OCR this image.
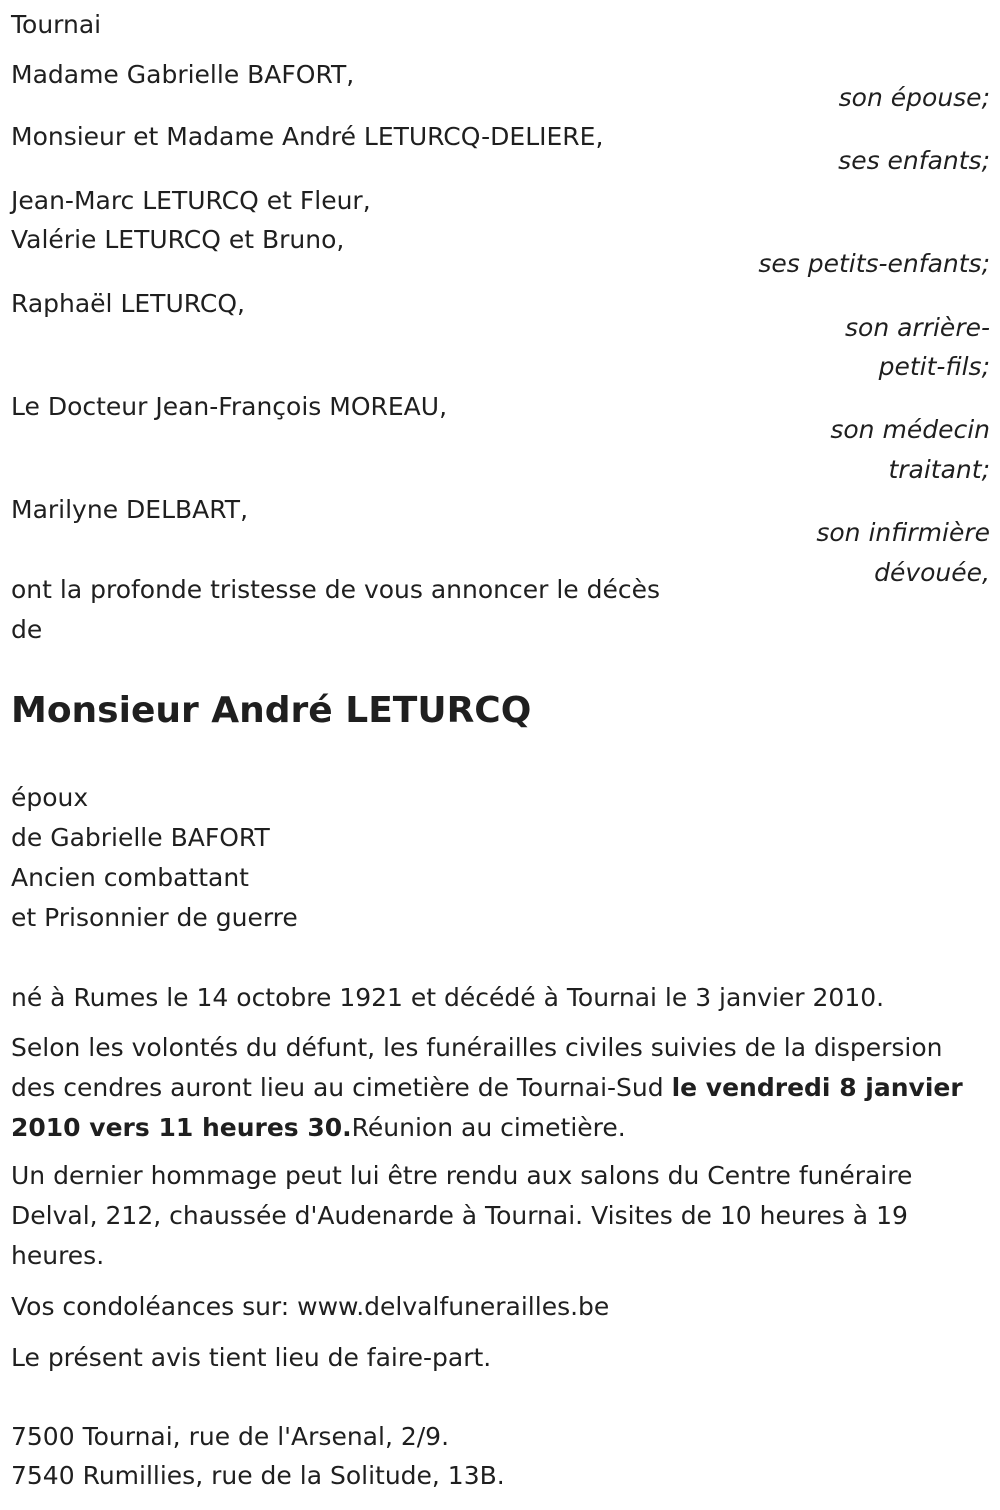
Tournai
Madame Gabrielle BAFORT,
son épouse;
Monsieur et Madame André LETURCQ-DELIERE,
ses enfants;
Jean-Marc LETURCQ et Fleur,
Valérie LETURCQ et Bruno,
ses petits-enfants;
Raphaël LETURCQ,
son arrière-
petit-fils;
Le Docteur Jean-François MOREAU,
son médecin
traitant;
Marilyne DELBART,
son infirmière
dévouée,
ont la profonde tristesse de vous annoncer le décès
de
Monsieur André LETURCQ
époux
de Gabrielle BAFORT
Ancien combattant
et Prisonnier de guerre
né à Rumes le 14 octobre 1921 et décédé à Tournai le 3 janvier 2010.
Selon les volontés du défunt, les funérailles civiles suivies de la dispersion des cendres auront lieu au cimetière de Tournai-Sud le vendredi 8 janvier 2010 vers 11 heures 30.Réunion au cimetière.
Un dernier hommage peut lui être rendu aux salons du Centre funéraire Delval, 212, chaussée d'Audenarde à Tournai. Visites de 10 heures à 19 heures.
Vos condoléances sur: www.delvalfunerailles.be
Le présent avis tient lieu de faire-part.
7500 Tournai, rue de l'Arsenal, 2/9.
7540 Rumillies, rue de la Solitude, 13B.
